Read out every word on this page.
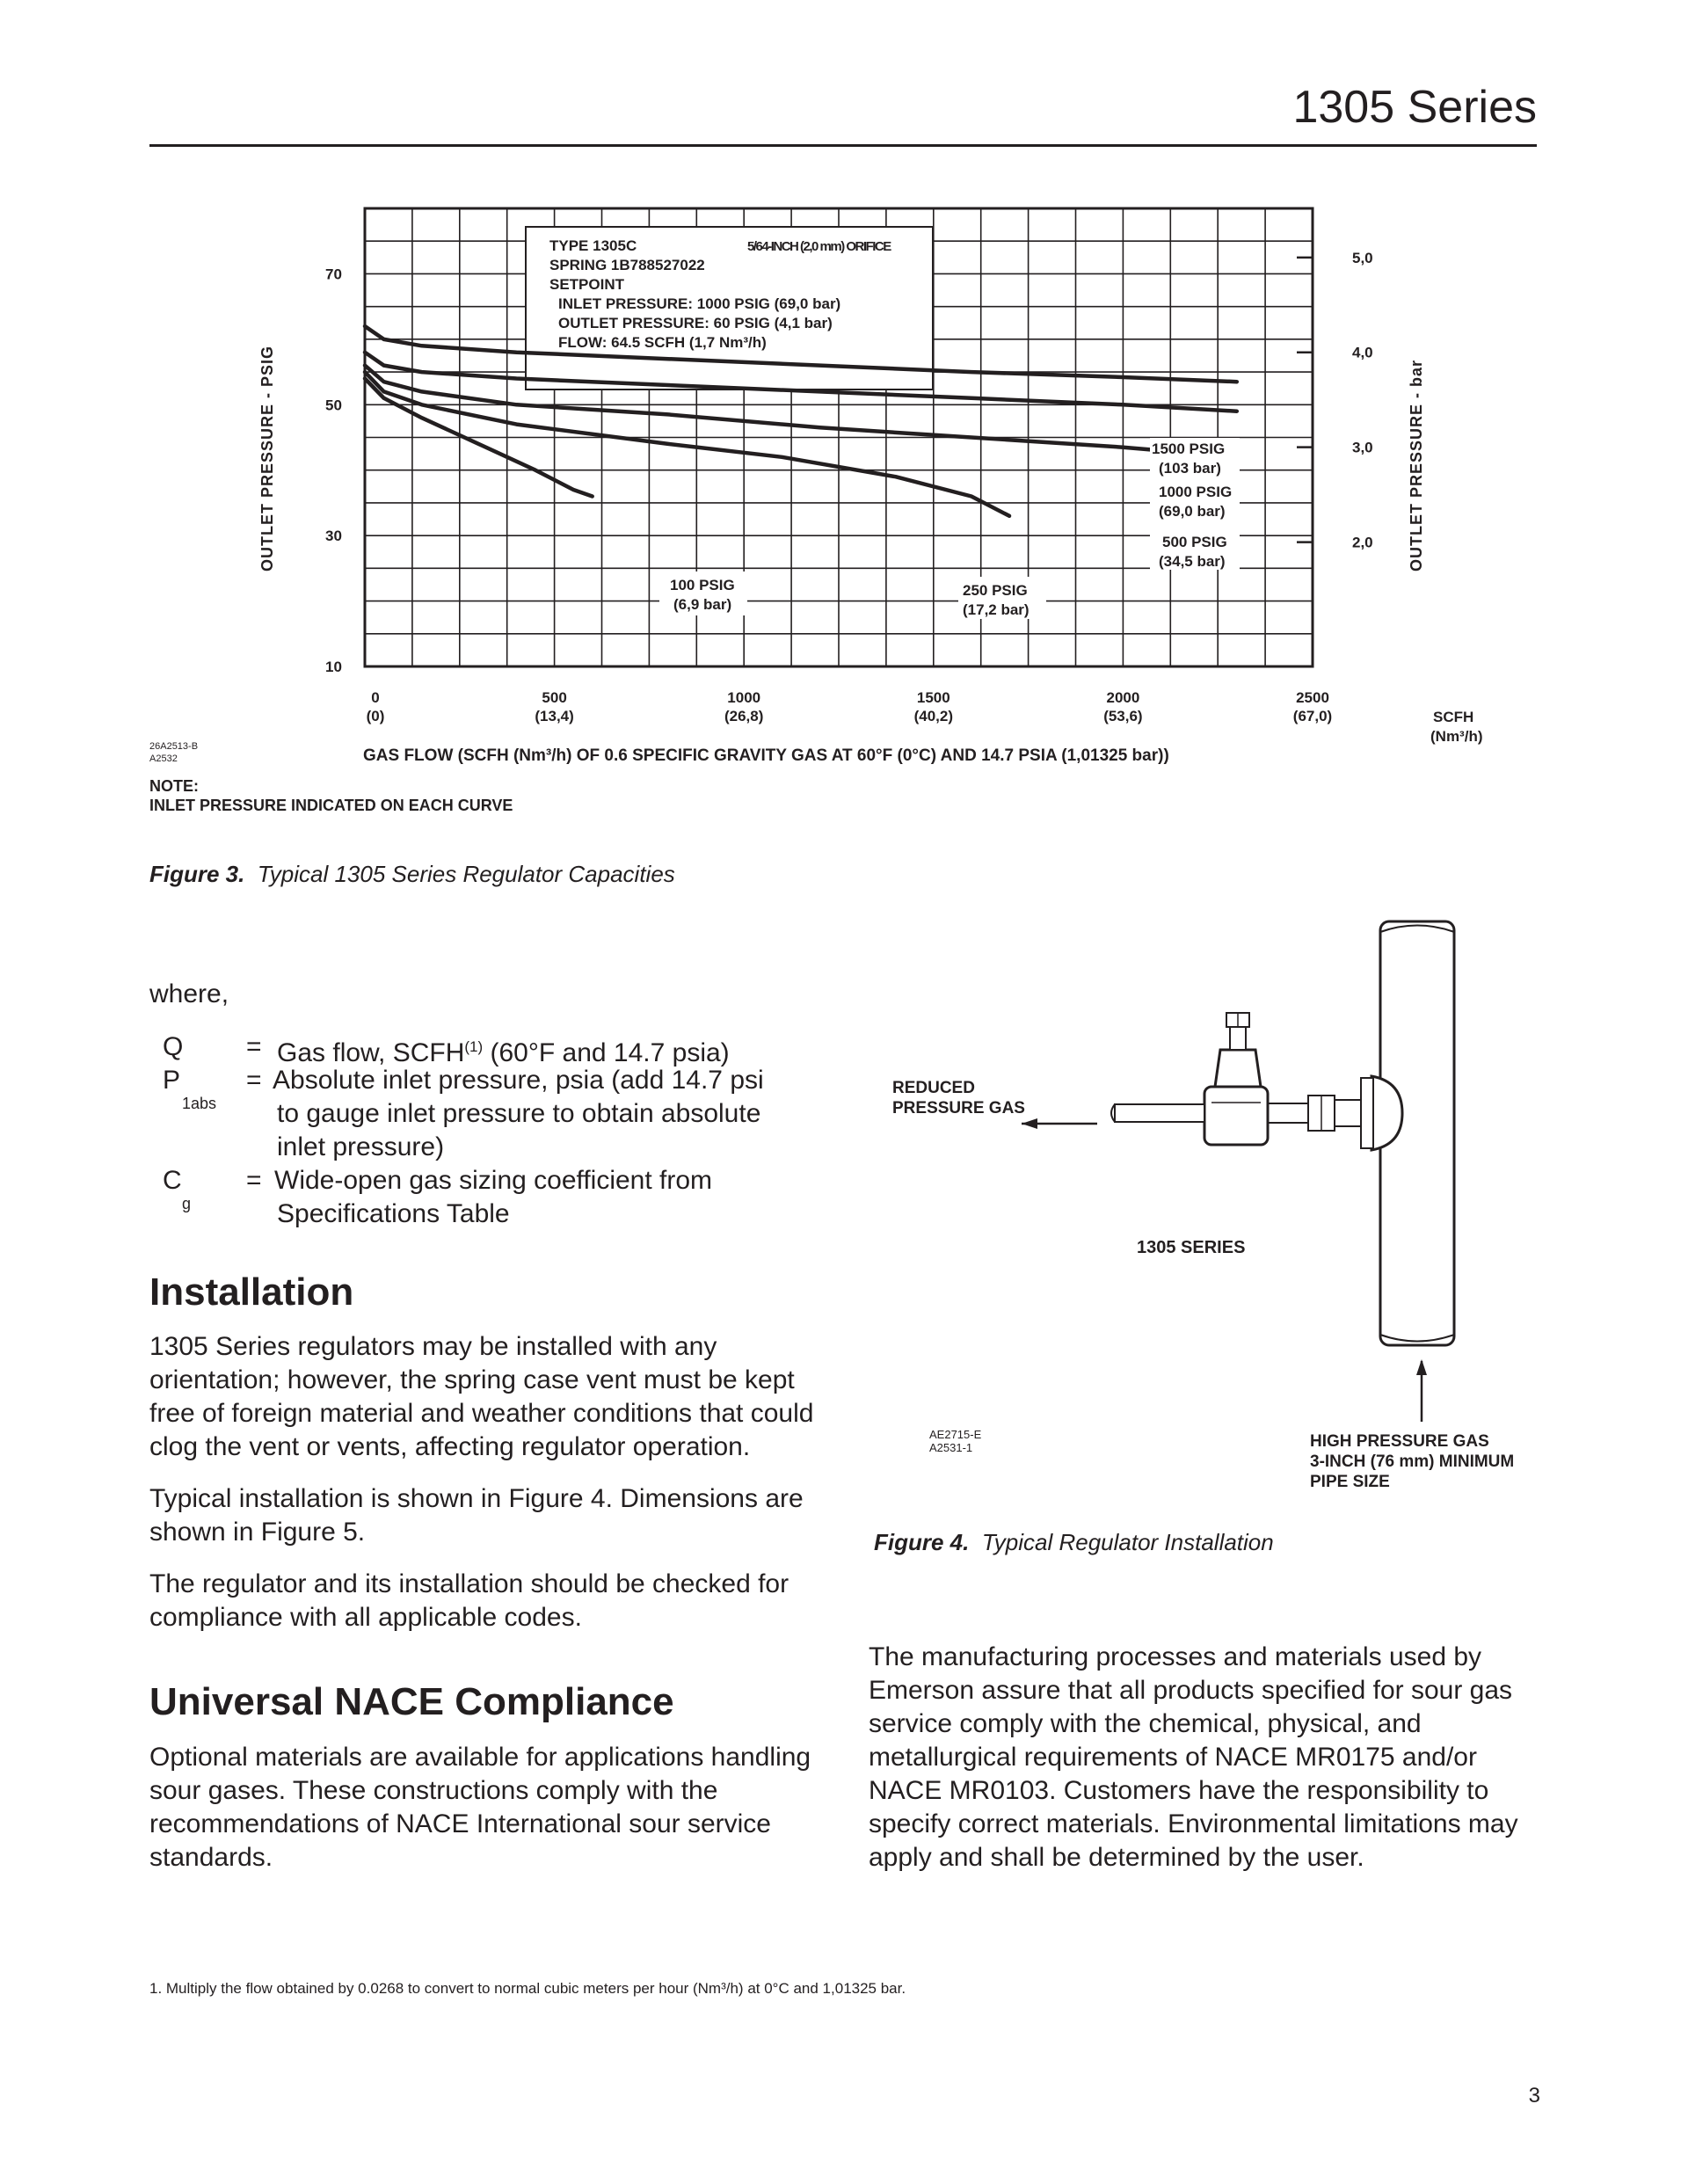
1305 Series
TYPE 1305C	5/64-INCH (2,0 mm) ORIFICE
SPRING 1B788527022
SETPOINT
INLET PRESSURE: 1000 PSIG (69,0 bar)
OUTLET PRESSURE: 60 PSIG (4,1 bar)
FLOW: 64.5 SCFH (1,7 Nm³/h)
1500 PSIG
(103 bar)
1000 PSIG
(69,0 bar)
500 PSIG
(34,5 bar)
100 PSIG
(6,9 bar)
250 PSIG
(17,2 bar)
10
30
50
70
5,0
4,0
3,0
2,0
0
(0)
500
(13,4)
1000
(26,8)
1500
(40,2)
2000
(53,6)
2500
(67,0)
OUTLET PRESSURE - PSIG	OUTLET PRESSURE - bar
GAS FLOW (SCFH (Nm³/h) OF 0.6 SPECIFIC GRAVITY GAS AT 60°F (0°C) AND 14.7 PSIA (1,01325 bar))
SCFH
(Nm³/h)
26A2513-B
A2532
NOTE:
INLET PRESSURE INDICATED ON EACH CURVE
Figure 3. Typical 1305 Series Regulator Capacities
where,
Q = Gas flow, SCFH$^{(1)}$ (60°F and 14.7 psia)
P
1abs
= Absolute inlet pressure, psia (add 14.7 psi
to gauge inlet pressure to obtain absolute
inlet pressure)
C
g
= Wide-open gas sizing coefficient from
Specifications Table
Installation

1305 Series regulators may be installed with any orientation; however, the spring case vent must be kept free of foreign material and weather conditions that could clog the vent or vents, affecting regulator operation.

Typical installation is shown in Figure 4. Dimensions are shown in Figure 5.

The regulator and its installation should be checked for compliance with all applicable codes.

Universal NACE Compliance
Optional materials are available for applications handling sour gases. These constructions comply with the recommendations of NACE International sour service standards.
The manufacturing processes and materials used by Emerson assure that all products specified for sour gas service comply with the chemical, physical, and metallurgical requirements of NACE MR0175 and/or NACE MR0103. Customers have the responsibility to specify correct materials. Environmental limitations may apply and shall be determined by the user.
REDUCED
PRESSURE GAS
1305 SERIES
AE2715-E
A2531-1	HIGH PRESSURE GAS
3-INCH (76 mm) MINIMUM
PIPE SIZE
Figure 4. Typical Regulator Installation
1. Multiply the flow obtained by 0.0268 to convert to normal cubic meters per hour (Nm³/h) at 0°C and 1,01325 bar.
3
